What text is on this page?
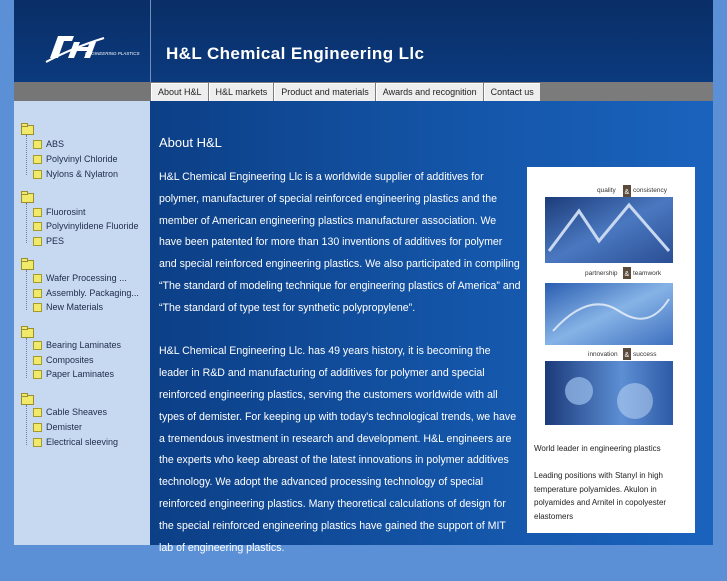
ENGINEERING PLASTICS H&L Chemical Engineering Llc
About H&L	H&L markets	Product and materials	Awards and recognition	Contact us
ABS
Polyvinyl Chloride
Nylons & Nylatron
Fluorosint
Polyvinylidene Fluoride
PES
Wafer Processing ...
Assembly. Packaging...
New Materials
Bearing Laminates
Composites
Paper Laminates
Cable Sheaves
Demister
Electrical sleeving
About H&L

H&L Chemical Engineering Llc is a worldwide supplier of additives for polymer, manufacturer of special reinforced engineering plastics and the member of American engineering plastics manufacturer association. We have been patented for more than 130 inventions of additives for polymer and special reinforced engineering plastics. We also participated in compiling “The standard of modeling technique for engineering plastics of America” and “The standard of type test for synthetic polypropylene”.

H&L Chemical Engineering Llc. has 49 years history, it is becoming the leader in R&D and manufacturing of additives for polymer and special reinforced engineering plastics, serving the customers worldwide with all types of demister. For keeping up with today's technological trends, we have a tremendous investment in research and development. H&L engineers are the experts who keep abreast of the latest innovations in polymer additives technology. We adopt the advanced processing technology of special reinforced engineering plastics. Many theoretical calculations of design for the special reinforced engineering plastics have gained the support of MIT lab of engineering plastics.

quality & consistency
partnership & teamwork
innovation & success
World leader in engineering plastics
Leading positions with Stanyl in high temperature polyamides. Akulon in polyamides and Arnitel in copolyester elastomers
